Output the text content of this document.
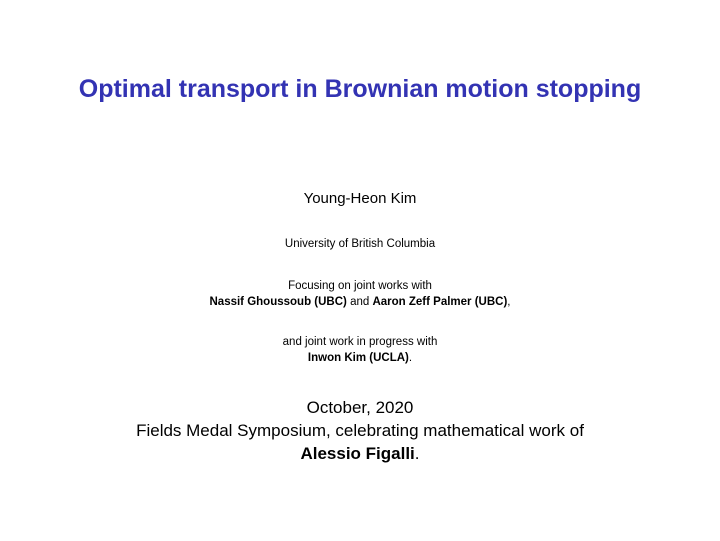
Optimal transport in Brownian motion stopping
Young-Heon Kim
University of British Columbia
Focusing on joint works with
Nassif Ghoussoub (UBC) and Aaron Zeff Palmer (UBC),
and joint work in progress with
Inwon Kim (UCLA).
October, 2020
Fields Medal Symposium, celebrating mathematical work of
Alessio Figalli.
